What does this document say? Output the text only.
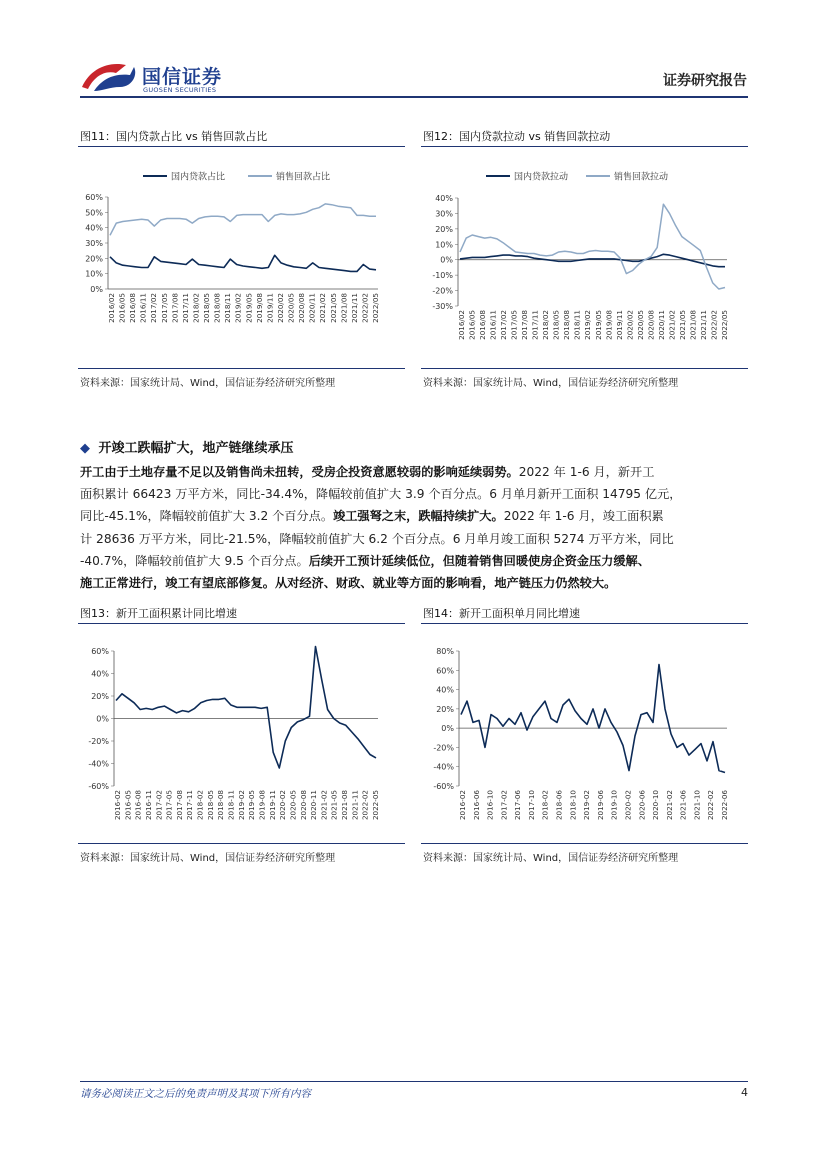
国信证券
GUOSEN SECURITIES
证券研究报告
图11：国内贷款占比 vs 销售回款占比
国内贷款占比	销售回款占比
0%
10%
20%
30%
40%
50%
60%
2016/02 2016/05 2016/08 2016/11 2017/02 2017/05 2017/08 2017/11 2018/02 2018/05 2018/08 2018/11 2019/02 2019/05 2019/08 2019/11 2020/02 2020/05 2020/08 2020/11 2021/02 2021/05 2021/08 2021/11 2022/02 2022/05
资料来源：国家统计局、Wind，国信证券经济研究所整理
图12：国内贷款拉动 vs 销售回款拉动
国内贷款拉动	销售回款拉动
-30%
-20%
-10%
0%
10%
20%
30%
40%
2016/02 2016/05 2016/08 2016/11 2017/02 2017/05 2017/08 2017/11 2018/02 2018/05 2018/08 2018/11 2019/02 2019/05 2019/08 2019/11 2020/02 2020/05 2020/08 2020/11 2021/02 2021/05 2021/08 2021/11 2022/02 2022/05
资料来源：国家统计局、Wind，国信证券经济研究所整理
◆ 开竣工跌幅扩大，地产链继续承压
开工由于土地存量不足以及销售尚未扭转，受房企投资意愿较弱的影响延续弱势。2022 年 1-6 月，新开工
面积累计 66423 万平方米，同比-34.4%，降幅较前值扩大 3.9 个百分点。6 月单月新开工面积 14795 亿元，
同比-45.1%，降幅较前值扩大 3.2 个百分点。竣工强弩之末，跌幅持续扩大。2022 年 1-6 月，竣工面积累
计 28636 万平方米，同比-21.5%，降幅较前值扩大 6.2 个百分点。6 月单月竣工面积 5274 万平方米，同比
-40.7%，降幅较前值扩大 9.5 个百分点。后续开工预计延续低位，但随着销售回暖使房企资金压力缓解、
施工正常进行，竣工有望底部修复。从对经济、财政、就业等方面的影响看，地产链压力仍然较大。
图13：新开工面积累计同比增速
-60%
-40%
-20%
0%
20%
40%
60%
2016-02 2016-05 2016-08 2016-11 2017-02 2017-05 2017-08 2017-11 2018-02 2018-05 2018-08 2018-11 2019-02 2019-05 2019-08 2019-11 2020-02 2020-05 2020-08 2020-11 2021-02 2021-05 2021-08 2021-11 2022-02 2022-05
资料来源：国家统计局、Wind，国信证券经济研究所整理
图14：新开工面积单月同比增速
-60%
-40%
-20%
0%
20%
40%
60%
80%
2016-02 2016-06 2016-10 2017-02 2017-06 2017-10 2018-02 2018-06 2018-10 2019-02 2019-06 2019-10 2020-02 2020-06 2020-10 2021-02 2021-06 2021-10 2022-02 2022-06
资料来源：国家统计局、Wind，国信证券经济研究所整理
请务必阅读正文之后的免责声明及其项下所有内容	4
